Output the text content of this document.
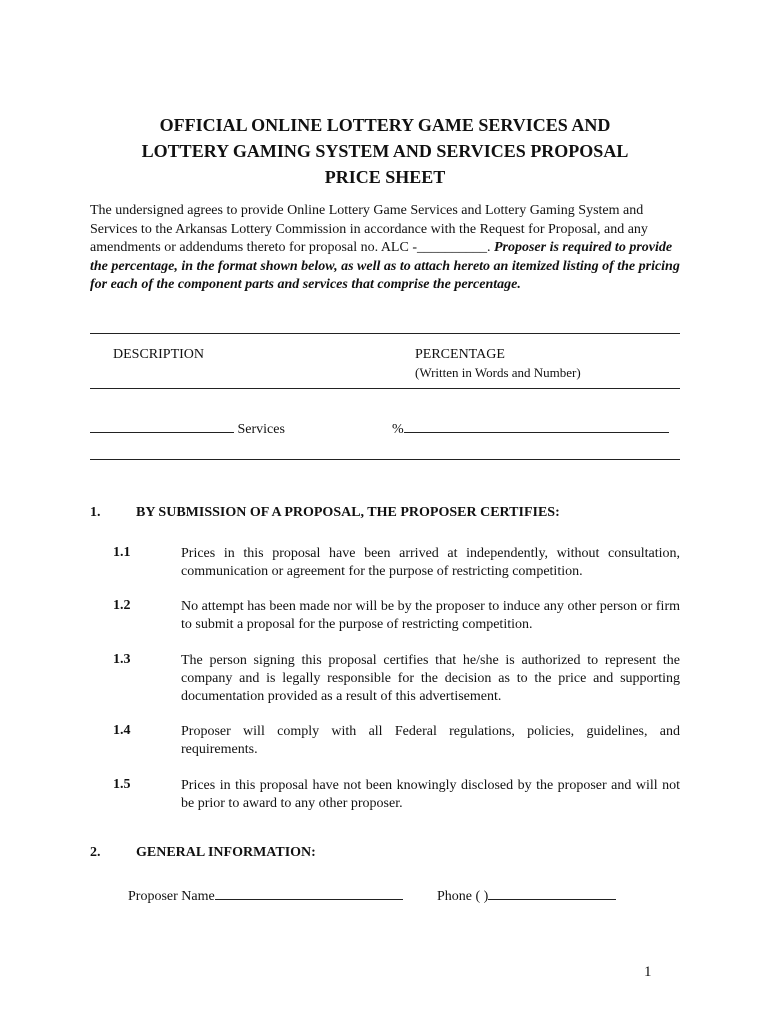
OFFICIAL ONLINE LOTTERY GAME SERVICES AND
LOTTERY GAMING SYSTEM AND SERVICES PROPOSAL
PRICE SHEET
The undersigned agrees to provide Online Lottery Game Services and Lottery Gaming System and Services to the Arkansas Lottery Commission in accordance with the Request for Proposal, and any amendments or addendums thereto for proposal no. ALC -__________. Proposer is required to provide the percentage, in the format shown below, as well as to attach hereto an itemized listing of the pricing for each of the component parts and services that comprise the percentage.
DESCRIPTION	PERCENTAGE
(Written in Words and Number)
Services	%
1.	BY SUBMISSION OF A PROPOSAL, THE PROPOSER CERTIFIES:
1.1	Prices in this proposal have been arrived at independently, without consultation, communication or agreement for the purpose of restricting competition.
1.2	No attempt has been made nor will be by the proposer to induce any other person or firm to submit a proposal for the purpose of restricting competition.
1.3	The person signing this proposal certifies that he/she is authorized to represent the company and is legally responsible for the decision as to the price and supporting documentation provided as a result of this advertisement.
1.4	Proposer will comply with all Federal regulations, policies, guidelines, and requirements.
1.5	Prices in this proposal have not been knowingly disclosed by the proposer and will not be prior to award to any other proposer.
2.	GENERAL INFORMATION:
Proposer Name	Phone ( )
1
